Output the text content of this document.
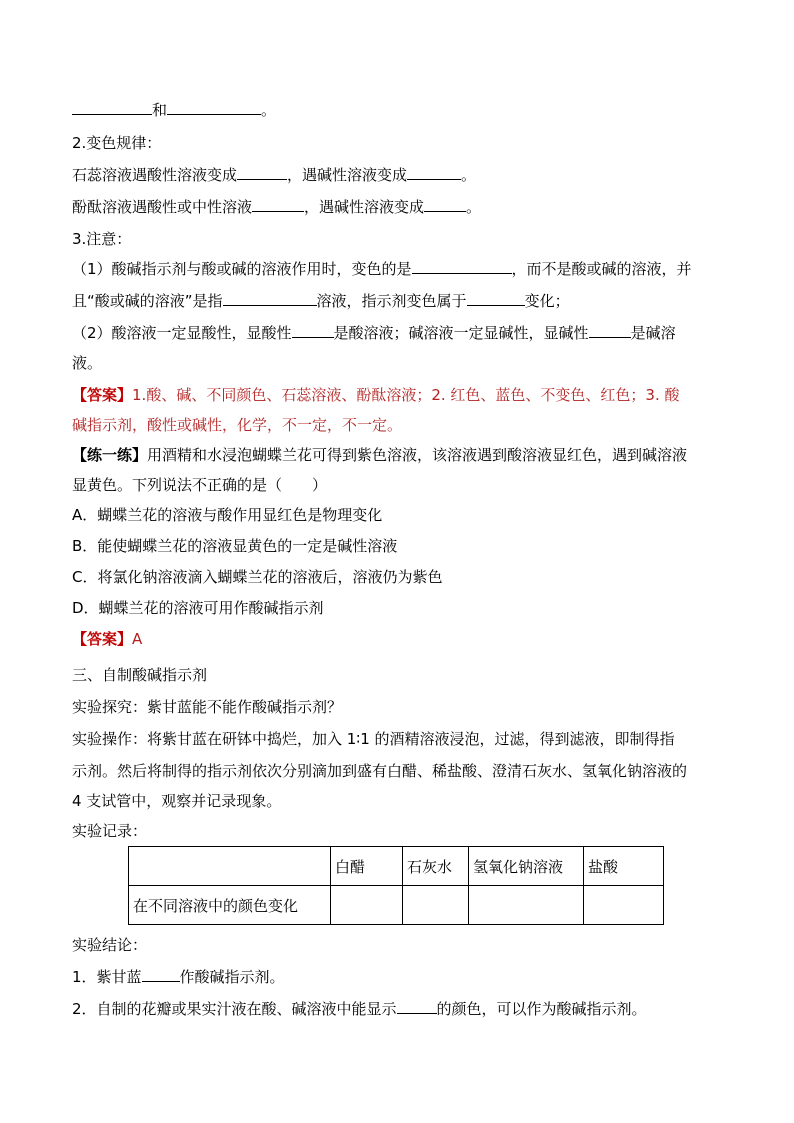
和	。
2.变色规律：
石蕊溶液遇酸性溶液变成	，遇碱性溶液变成	。
酚酞溶液遇酸性或中性溶液	，遇碱性溶液变成	。
3.注意：
（1）酸碱指示剂与酸或碱的溶液作用时，变色的是	，而不是酸或碱的溶液，并
且“酸或碱的溶液”是指	溶液，指示剂变色属于	变化；
（2）酸溶液一定显酸性，显酸性	是酸溶液；碱溶液一定显碱性，显碱性	是碱溶
液。
【答案】1.酸、碱、不同颜色、石蕊溶液、酚酞溶液；2. 红色、蓝色、不变色、红色；3. 酸
碱指示剂，酸性或碱性，化学，不一定，不一定。
【练一练】用酒精和水浸泡蝴蝶兰花可得到紫色溶液，该溶液遇到酸溶液显红色，遇到碱溶液
显黄色。下列说法不正确的是（　　）
A．蝴蝶兰花的溶液与酸作用显红色是物理变化
B．能使蝴蝶兰花的溶液显黄色的一定是碱性溶液
C．将氯化钠溶液滴入蝴蝶兰花的溶液后，溶液仍为紫色
D．蝴蝶兰花的溶液可用作酸碱指示剂
【答案】A
三、自制酸碱指示剂
实验探究：紫甘蓝能不能作酸碱指示剂？
实验操作：将紫甘蓝在研钵中捣烂，加入 1∶1 的酒精溶液浸泡，过滤，得到滤液，即制得指
示剂。然后将制得的指示剂依次分别滴加到盛有白醋、稀盐酸、澄清石灰水、氢氧化钠溶液的
4 支试管中，观察并记录现象。
实验记录：
	白醋	石灰水	氢氧化钠溶液	盐酸
在不同溶液中的颜色变化				
实验结论：
1．紫甘蓝	作酸碱指示剂。
2．自制的花瓣或果实汁液在酸、碱溶液中能显示	的颜色，可以作为酸碱指示剂。
